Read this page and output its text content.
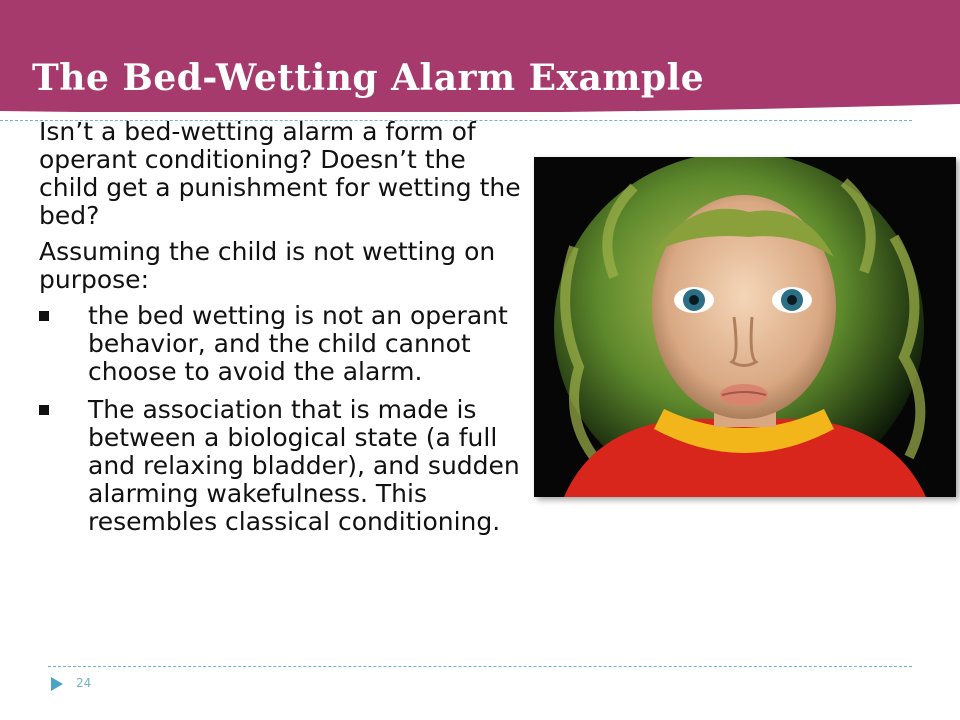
The Bed-Wetting Alarm Example

Isn’t a bed-wetting alarm a form of operant conditioning? Doesn’t the child get a punishment for wetting the bed?

Assuming the child is not wetting on purpose:

the bed wetting is not an operant behavior, and the child cannot choose to avoid the alarm.
The association that is made is between a biological state (a full and relaxing bladder), and sudden alarming wakefulness. This resembles classical conditioning.
24
